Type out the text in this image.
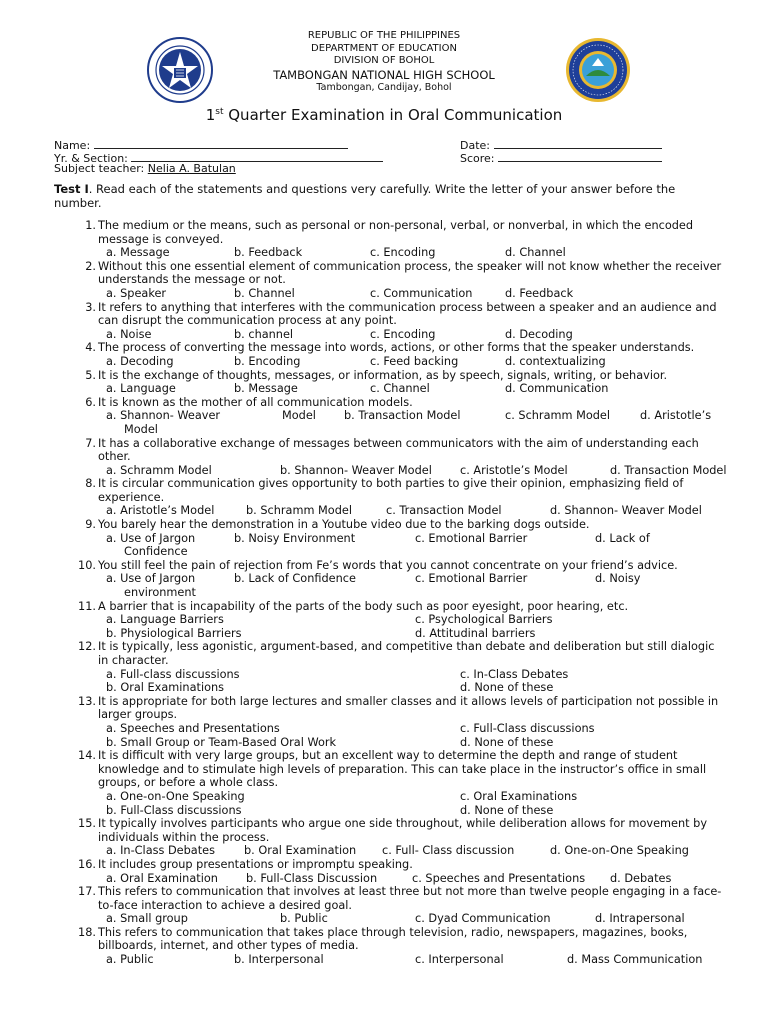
REPUBLIC OF THE PHILIPPINES
DEPARTMENT OF EDUCATION
DIVISION OF BOHOL
TAMBONGAN NATIONAL HIGH SCHOOL
Tambongan, Candijay, Bohol
1st Quarter Examination in Oral Communication
Name:	Date:
Yr. & Section:	Score:
Subject teacher: Nelia A. Batulan
Test I. Read each of the statements and questions very carefully. Write the letter of your answer before the number.
1. The medium or the means, such as personal or non-personal, verbal, or nonverbal, in which the encoded message is conveyed.
a. Message	b. Feedback	c. Encoding	d. Channel
2. Without this one essential element of communication process, the speaker will not know whether the receiver understands the message or not.
a. Speaker	b. Channel	c. Communication	d. Feedback
3. It refers to anything that interferes with the communication process between a speaker and an audience and can disrupt the communication process at any point.
a. Noise	b. channel	c. Encoding	d. Decoding
4. The process of converting the message into words, actions, or other forms that the speaker understands.
a. Decoding	b. Encoding	c. Feed backing	d. contextualizing
5. It is the exchange of thoughts, messages, or information, as by speech, signals, writing, or behavior.
a. Language	b. Message	c. Channel	d. Communication
6. It is known as the mother of all communication models.
a. Shannon- Weaver	Model b. Transaction Model	c. Schramm Model	d. Aristotle’s
Model
7. It has a collaborative exchange of messages between communicators with the aim of understanding each other.
a. Schramm Model	b. Shannon- Weaver Model c. Aristotle’s Model	d. Transaction Model
8. It is circular communication gives opportunity to both parties to give their opinion, emphasizing field of experience.
a. Aristotle’s Model	b. Schramm Model	c. Transaction Model	d. Shannon- Weaver Model
9. You barely hear the demonstration in a Youtube video due to the barking dogs outside.
a. Use of Jargon	b. Noisy Environment	c. Emotional Barrier	d. Lack of
Confidence
10. You still feel the pain of rejection from Fe’s words that you cannot concentrate on your friend’s advice.
a. Use of Jargon	b. Lack of Confidence	c. Emotional Barrier	d. Noisy
environment
11. A barrier that is incapability of the parts of the body such as poor eyesight, poor hearing, etc.
a. Language Barriers	c. Psychological Barriers
b. Physiological Barriers	d. Attitudinal barriers
12. It is typically, less agonistic, argument-based, and competitive than debate and deliberation but still dialogic in character.
a. Full-class discussions	c. In-Class Debates
b. Oral Examinations	d. None of these
13. It is appropriate for both large lectures and smaller classes and it allows levels of participation not possible in larger groups.
a. Speeches and Presentations	c. Full-Class discussions
b. Small Group or Team-Based Oral Work	d. None of these
14. It is difficult with very large groups, but an excellent way to determine the depth and range of student knowledge and to stimulate high levels of preparation. This can take place in the instructor’s office in small groups, or before a whole class.
a. One-on-One Speaking	c. Oral Examinations
b. Full-Class discussions	d. None of these
15. It typically involves participants who argue one side throughout, while deliberation allows for movement by individuals within the process.
a. In-Class Debates	b. Oral Examination c. Full- Class discussion	d. One-on-One Speaking
16. It includes group presentations or impromptu speaking.
a. Oral Examination b. Full-Class Discussion	c. Speeches and Presentations d. Debates
17. This refers to communication that involves at least three but not more than twelve people engaging in a face-to-face interaction to achieve a desired goal.
a. Small group	b. Public	c. Dyad Communication	d. Intrapersonal
18. This refers to communication that takes place through television, radio, newspapers, magazines, books, billboards, internet, and other types of media.
a. Public	b. Interpersonal	c. Interpersonal	d. Mass Communication
